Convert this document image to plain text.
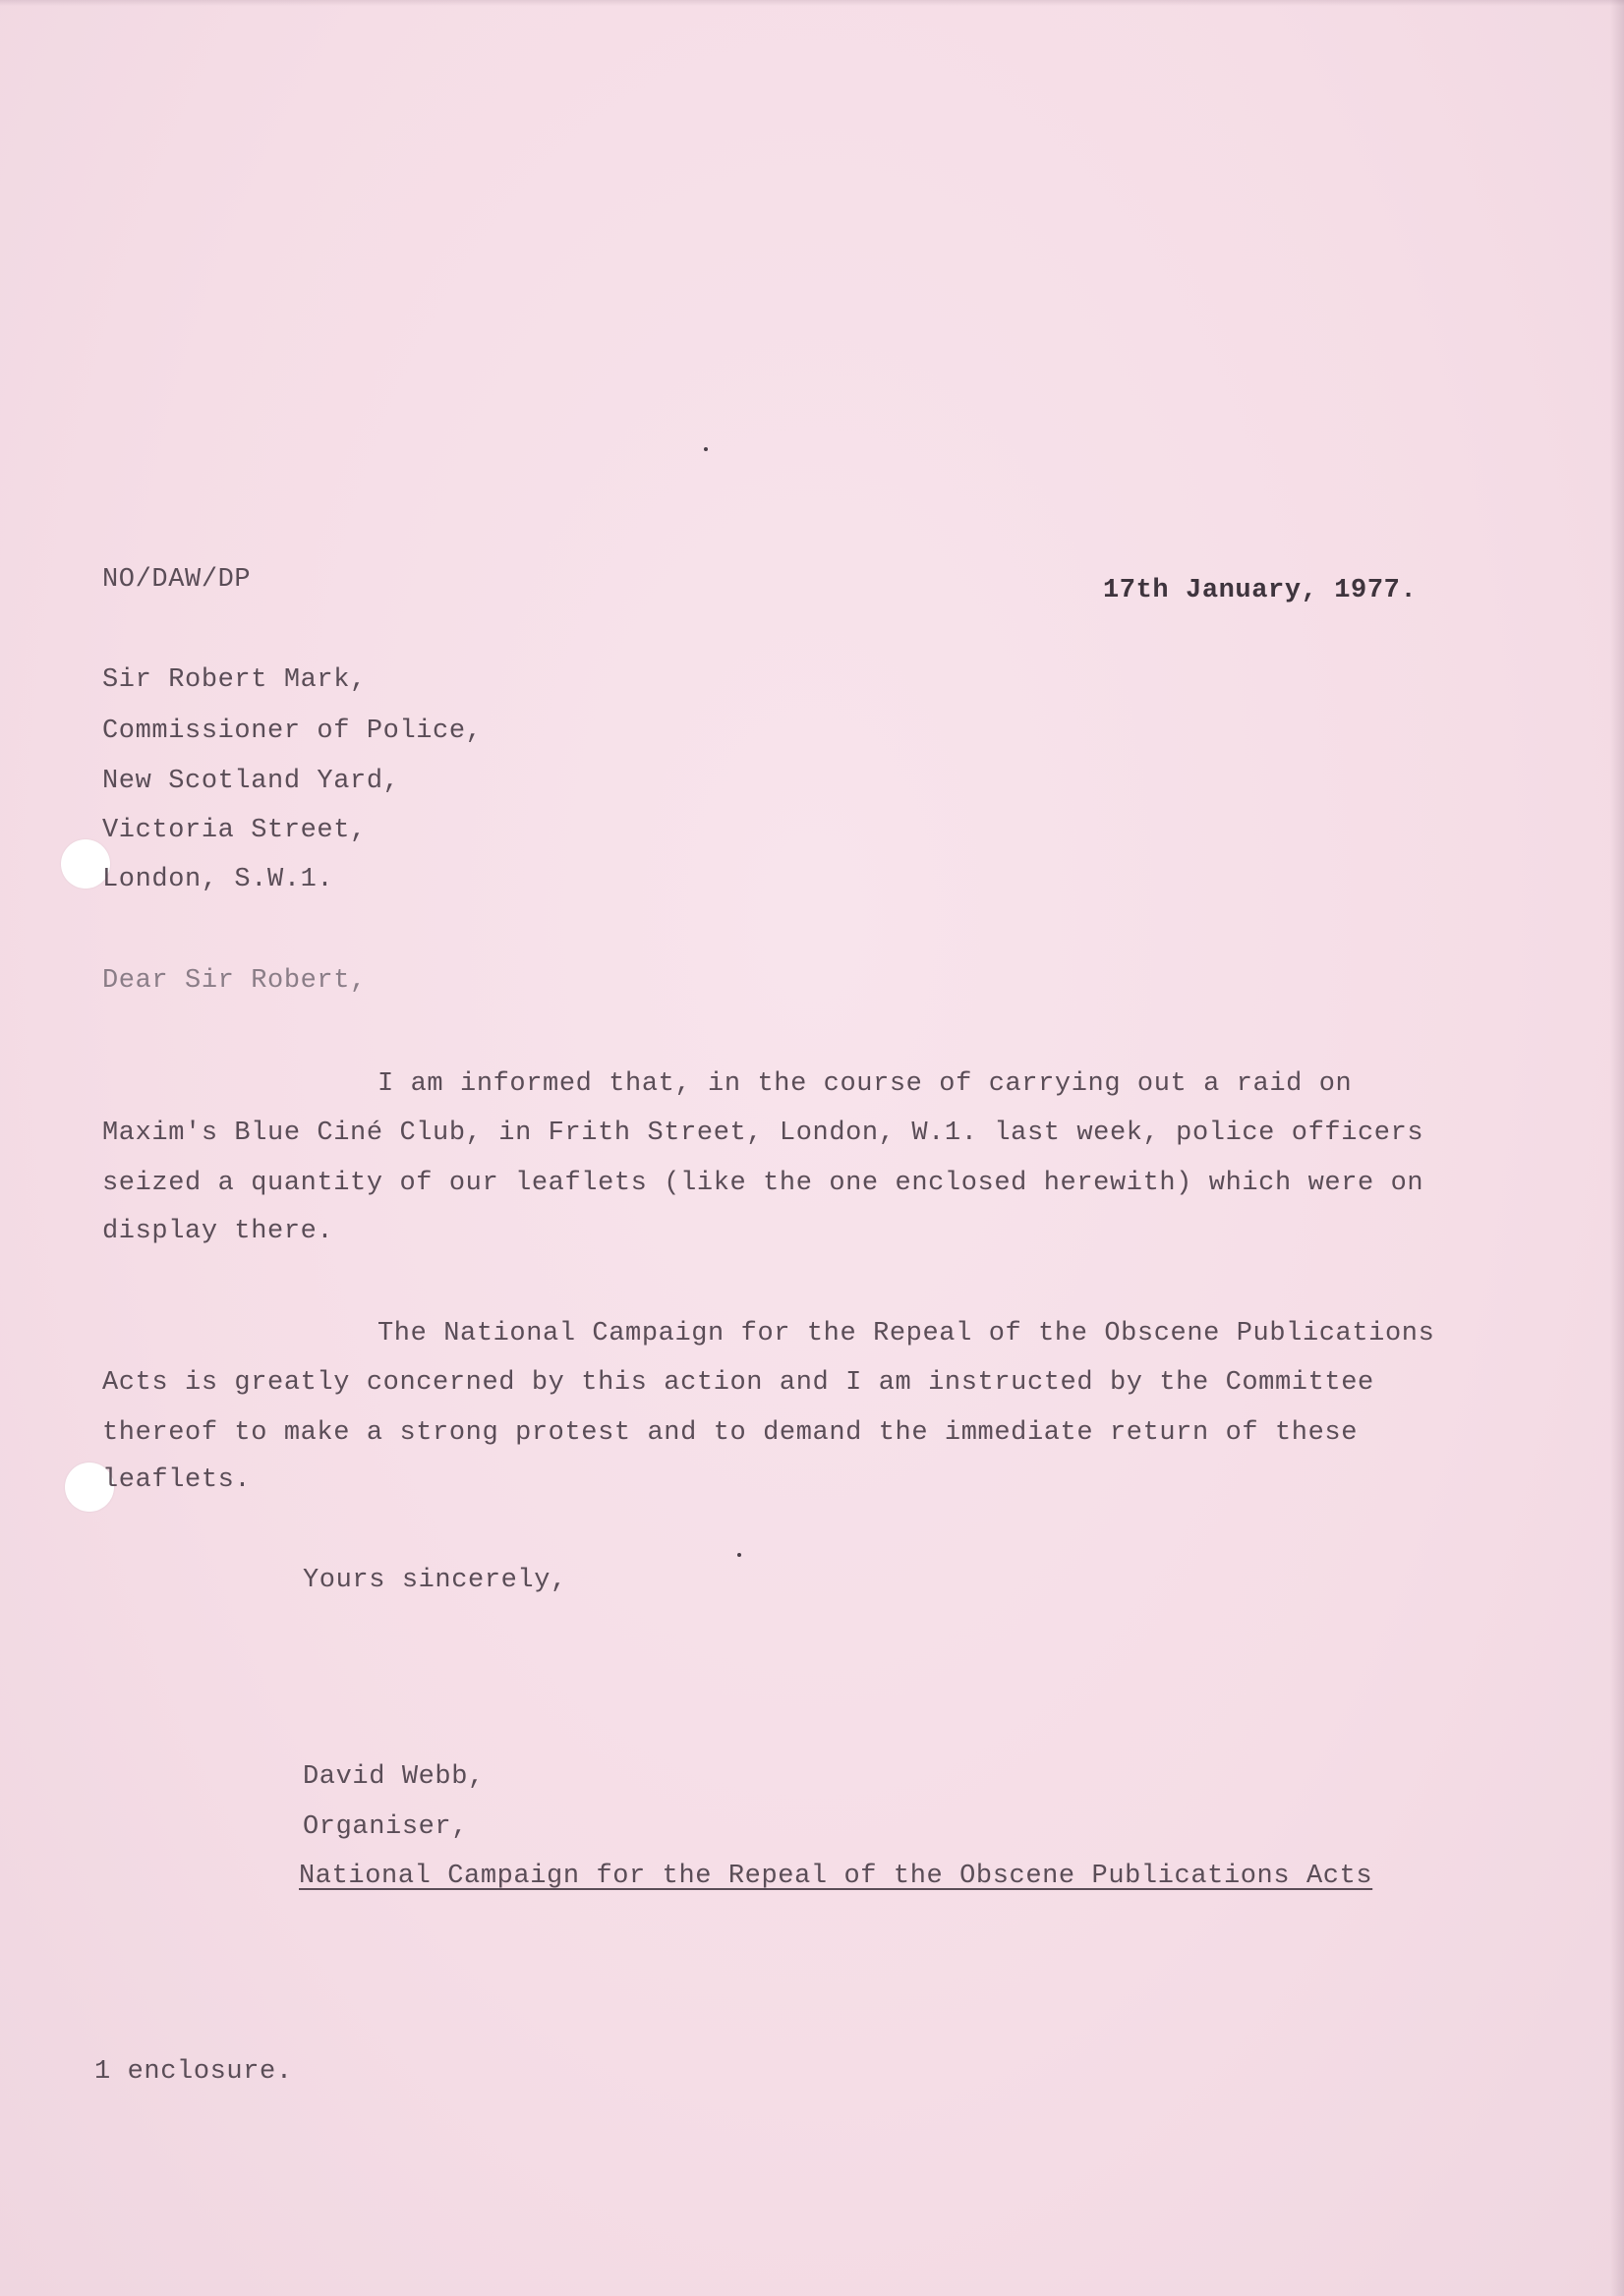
NO/DAW/DP	17th January, 1977.

Sir Robert Mark,

Commissioner of Police,

New Scotland Yard,

Victoria Street,

London, S.W.1.

Dear Sir Robert,

I am informed that, in the course of carrying out a raid on

Maxim's Blue Ciné Club, in Frith Street, London, W.1. last week, police officers

seized a quantity of our leaflets (like the one enclosed herewith) which were on

display there.

The National Campaign for the Repeal of the Obscene Publications

Acts is greatly concerned by this action and I am instructed by the Committee

thereof to make a strong protest and to demand the immediate return of these

leaflets.

Yours sincerely,

David Webb,

Organiser,

National Campaign for the Repeal of the Obscene Publications Acts

1 enclosure.
